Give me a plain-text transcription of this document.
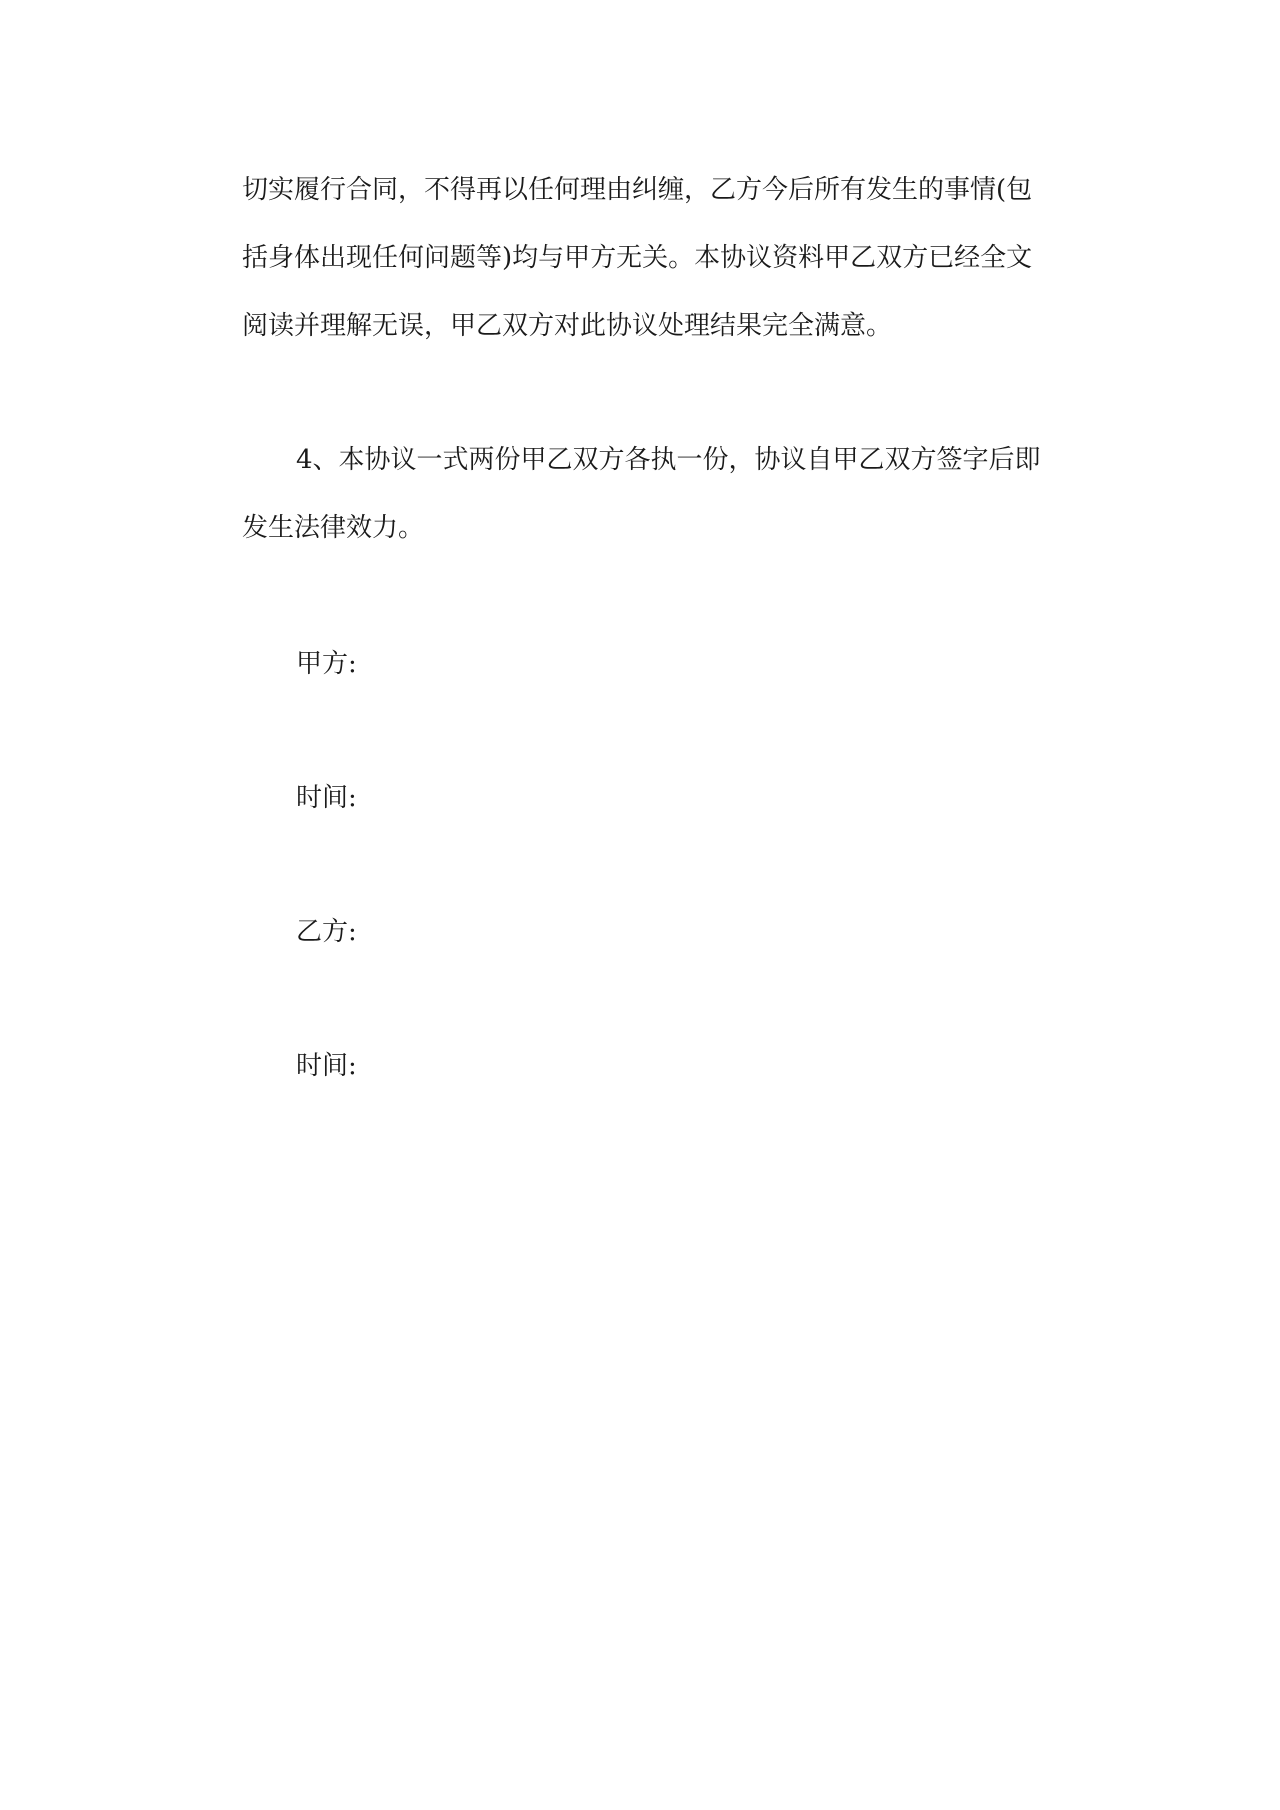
切实履行合同，不得再以任何理由纠缠，乙方今后所有发生的事情(包
括身体出现任何问题等)均与甲方无关。本协议资料甲乙双方已经全文
阅读并理解无误，甲乙双方对此协议处理结果完全满意。
4、本协议一式两份甲乙双方各执一份，协议自甲乙双方签字后即
发生法律效力。

甲方:

时间:

乙方:

时间:
